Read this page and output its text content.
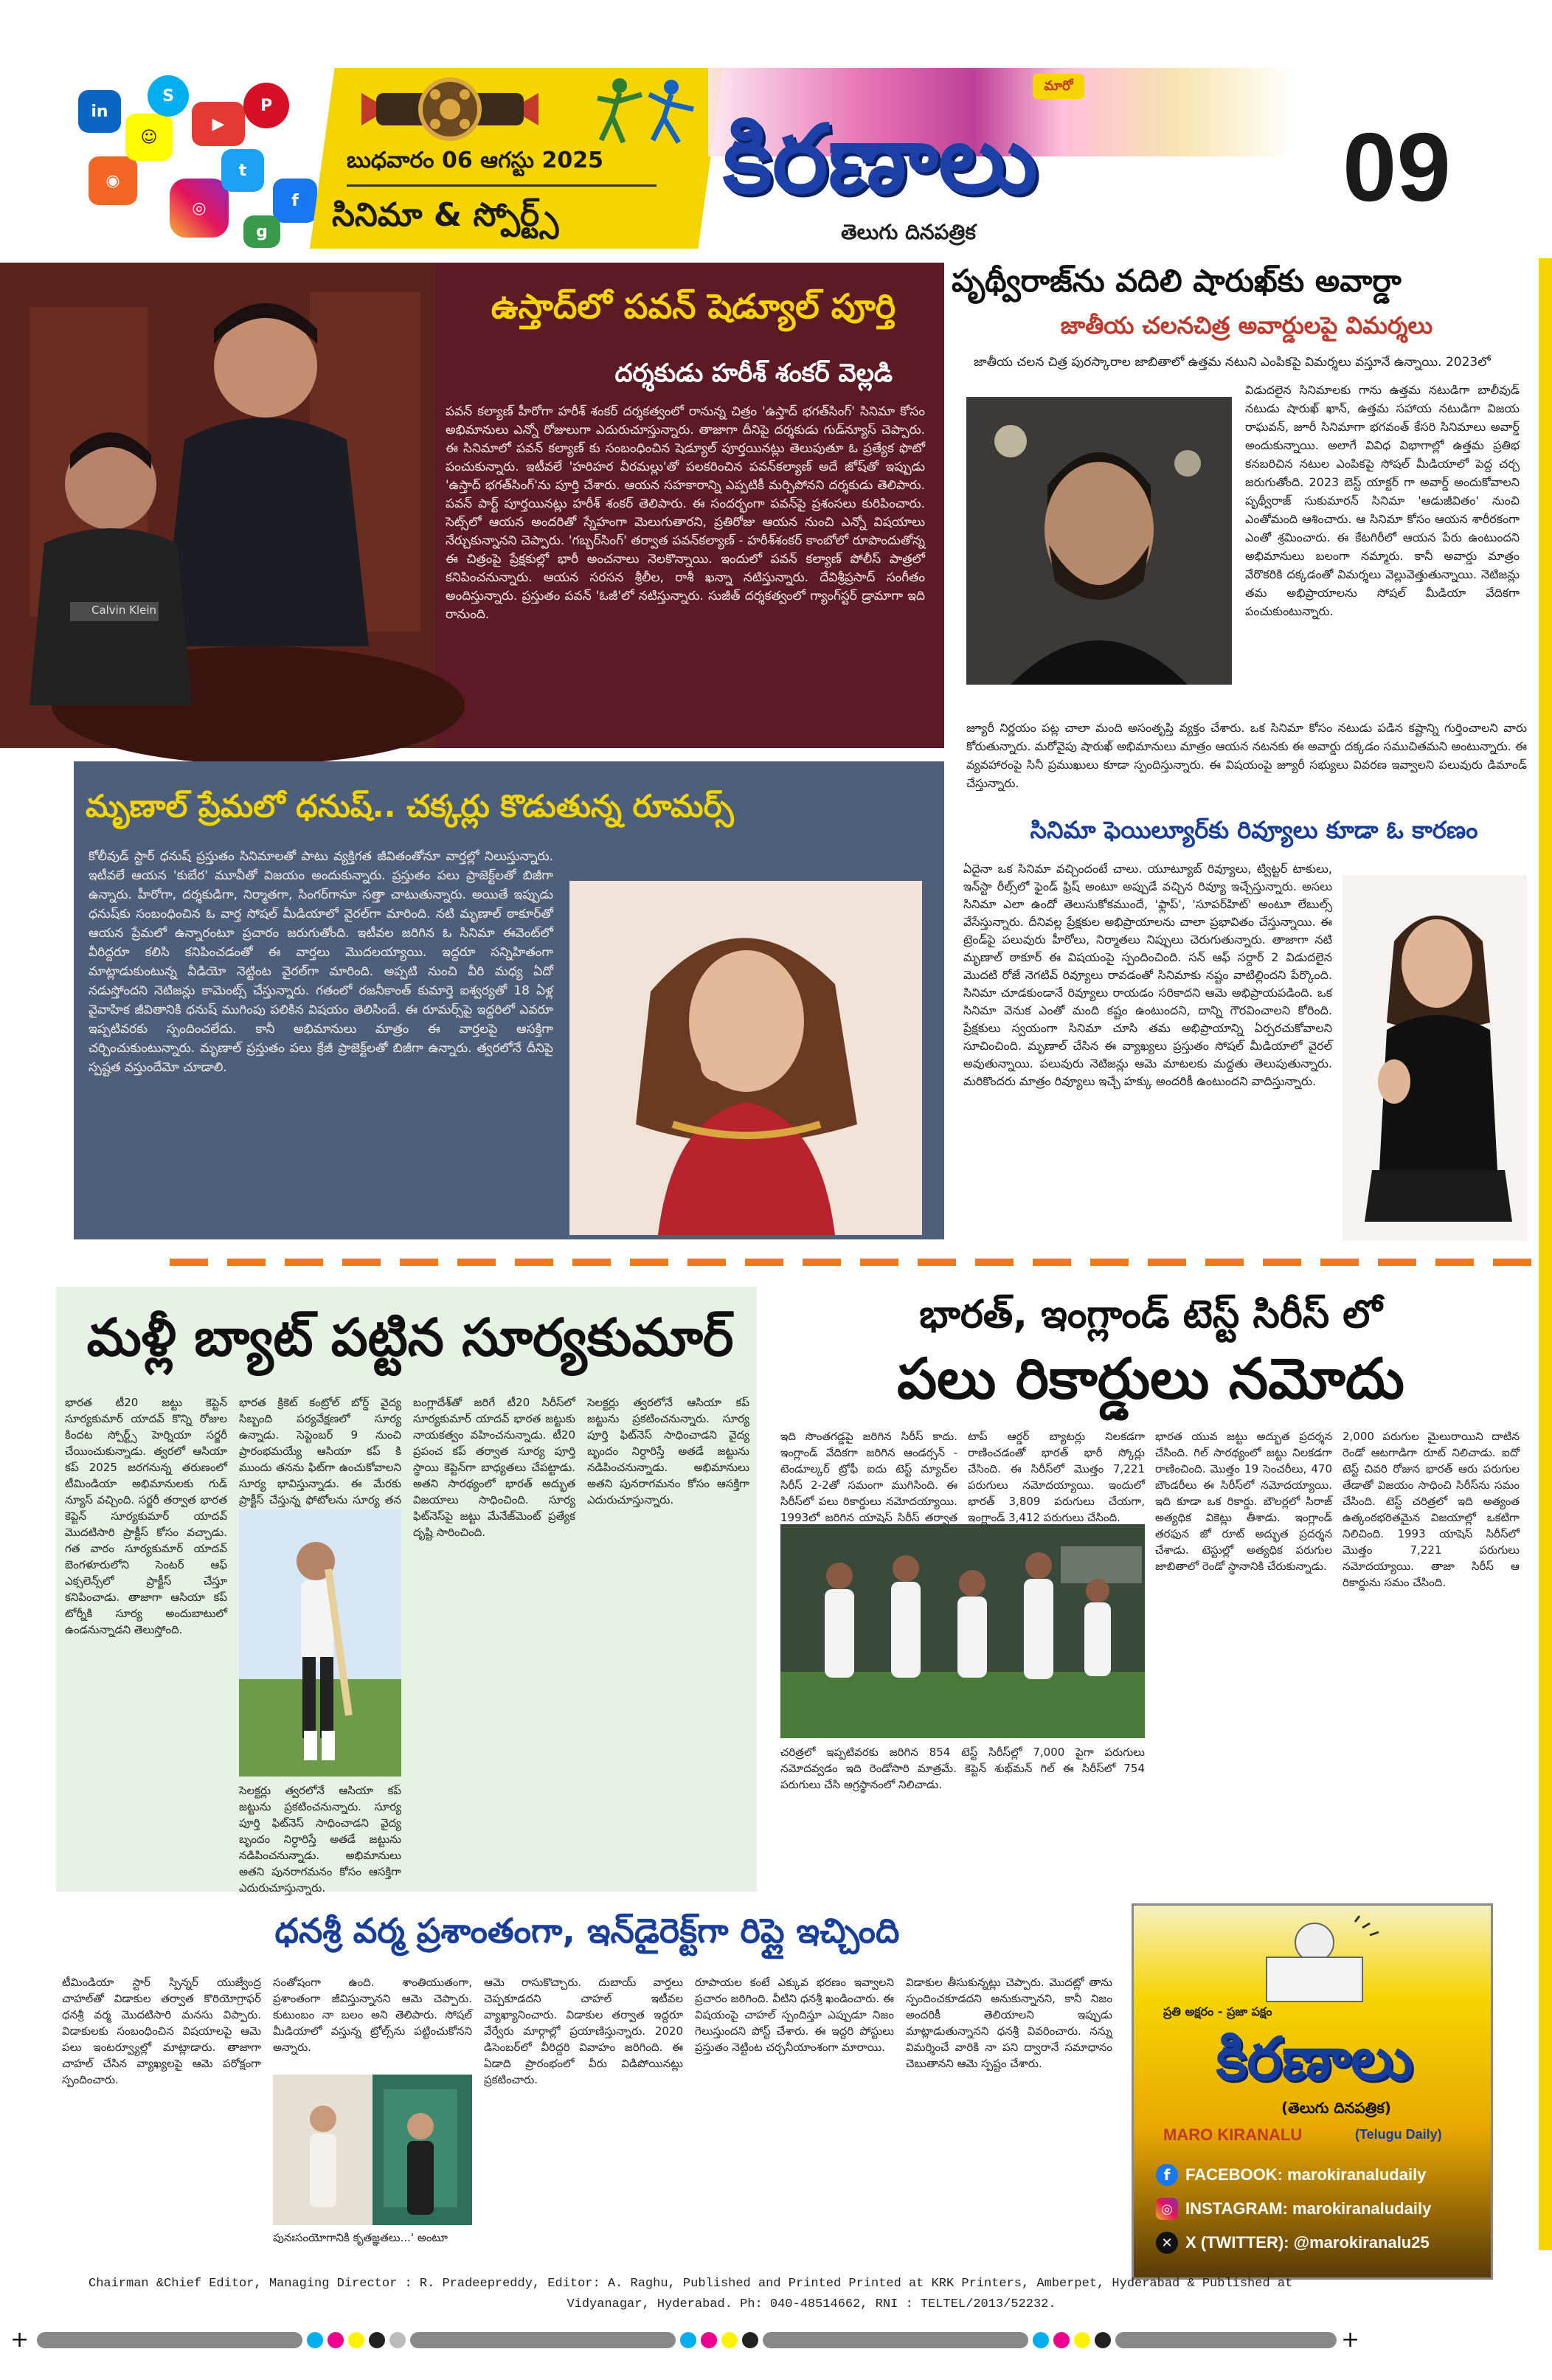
▶
P
f
◎
t
◉
☺
in
S
g
బుధవారం 06 ఆగస్టు 2025
సినిమా & స్పోర్ట్స్
మారో
కిరణాలు
తెలుగు దినపత్రిక
09
Calvin Klein
ఉస్తాద్‌లో పవన్ షెడ్యూల్ పూర్తి
దర్శకుడు హరీశ్ శంకర్ వెల్లడి
పవన్ కల్యాణ్ హీరోగా హరీశ్ శంకర్ దర్శకత్వంలో రానున్న చిత్రం 'ఉస్తాద్ భగత్‌సింగ్' సినిమా కోసం అభిమానులు ఎన్నో రోజులుగా ఎదురుచూస్తున్నారు. తాజాగా దీనిపై దర్శకుడు గుడ్‌న్యూస్ చెప్పారు. ఈ సినిమాలో పవన్ కల్యాణ్ కు సంబంధించిన షెడ్యూల్ పూర్తయినట్లు తెలుపుతూ ఓ ప్రత్యేక ఫొటో పంచుకున్నారు. ఇటీవలే 'హరిహర వీరమల్లు'తో పలకరించిన పవన్‌కల్యాణ్ అదే జోష్‌తో ఇప్పుడు 'ఉస్తాద్ భగత్‌సింగ్'ను పూర్తి చేశారు. ఆయన సహకారాన్ని ఎప్పటికీ మర్చిపోనని దర్శకుడు తెలిపారు. పవన్ పార్ట్ పూర్తయినట్లు హరీశ్ శంకర్ తెలిపారు. ఈ సందర్భంగా పవన్‌పై ప్రశంసలు కురిపించారు. సెట్స్‌లో ఆయన అందరితో స్నేహంగా మెలుగుతారని, ప్రతిరోజు ఆయన నుంచి ఎన్నో విషయాలు నేర్చుకున్నానని చెప్పారు. 'గబ్బర్‌సింగ్' తర్వాత పవన్‌కల్యాణ్ - హరీశ్‌శంకర్ కాంబోలో రూపొందుతోన్న ఈ చిత్రంపై ప్రేక్షకుల్లో భారీ అంచనాలు నెలకొన్నాయి. ఇందులో పవన్ కల్యాణ్ పోలీస్ పాత్రలో కనిపించనున్నారు. ఆయన సరసన శ్రీలీల, రాశీ ఖన్నా నటిస్తున్నారు. దేవిశ్రీప్రసాద్ సంగీతం అందిస్తున్నారు. ప్రస్తుతం పవన్ 'ఓజీ'లో నటిస్తున్నారు. సుజీత్ దర్శకత్వంలో గ్యాంగ్‌స్టర్ డ్రామాగా ఇది రానుంది.
పృథ్వీరాజ్‌ను వదిలి షారుఖ్‌కు అవార్డా
జాతీయ చలనచిత్ర అవార్డులపై విమర్శలు
జాతీయ చలన చిత్ర పురస్కారాల జాబితాలో ఉత్తమ నటుని ఎంపికపై విమర్శలు వస్తూనే ఉన్నాయి. 2023లో
విడుదలైన సినిమాలకు గాను ఉత్తమ నటుడిగా బాలీవుడ్ నటుడు షారుఖ్ ఖాన్, ఉత్తమ సహాయ నటుడిగా విజయ రాఘవన్, జూరీ సినిమాగా భగవంత్ కేసరి సినిమాలు అవార్డ్ అందుకున్నాయి. అలాగే వివిధ విభాగాల్లో ఉత్తమ ప్రతిభ కనబరిచిన నటుల ఎంపికపై సోషల్ మీడియాలో పెద్ద చర్చ జరుగుతోంది. 2023 బెస్ట్ యాక్టర్ గా అవార్డ్ అందుకోవాలని పృథ్వీరాజ్ సుకుమారన్ సినిమా 'ఆడుజీవితం' నుంచి ఎంతోమంది ఆశించారు. ఆ సినిమా కోసం ఆయన శారీరకంగా ఎంతో శ్రమించారు. ఈ కేటగిరీలో ఆయన పేరు ఉంటుందని అభిమానులు బలంగా నమ్మారు. కానీ అవార్డు మాత్రం వేరొకరికి దక్కడంతో విమర్శలు వెల్లువెత్తుతున్నాయి. నెటిజన్లు తమ అభిప్రాయాలను సోషల్ మీడియా వేదికగా పంచుకుంటున్నారు.
జ్యూరీ నిర్ణయం పట్ల చాలా మంది అసంతృప్తి వ్యక్తం చేశారు. ఒక సినిమా కోసం నటుడు పడిన కష్టాన్ని గుర్తించాలని వారు కోరుతున్నారు. మరోవైపు షారుఖ్ అభిమానులు మాత్రం ఆయన నటనకు ఈ అవార్డు దక్కడం సముచితమని అంటున్నారు. ఈ వ్యవహారంపై సినీ ప్రముఖులు కూడా స్పందిస్తున్నారు. ఈ విషయంపై జ్యూరీ సభ్యులు వివరణ ఇవ్వాలని పలువురు డిమాండ్ చేస్తున్నారు.
మృణాల్ ప్రేమలో ధనుష్.. చక్కర్లు కొడుతున్న రూమర్స్
కోలీవుడ్ స్టార్ ధనుష్ ప్రస్తుతం సినిమాలతో పాటు వ్యక్తిగత జీవితంతోనూ వార్తల్లో నిలుస్తున్నారు. ఇటీవలే ఆయన 'కుబేర' మూవీతో విజయం అందుకున్నారు. ప్రస్తుతం పలు ప్రాజెక్ట్‌లతో బిజీగా ఉన్నారు. హీరోగా, దర్శకుడిగా, నిర్మాతగా, సింగర్‌గానూ సత్తా చాటుతున్నారు. అయితే ఇప్పుడు ధనుష్‌కు సంబంధించిన ఓ వార్త సోషల్ మీడియాలో వైరల్‌గా మారింది. నటి మృణాల్ ఠాకూర్‌తో ఆయన ప్రేమలో ఉన్నారంటూ ప్రచారం జరుగుతోంది. ఇటీవల జరిగిన ఓ సినిమా ఈవెంట్‌లో వీరిద్దరూ కలిసి కనిపించడంతో ఈ వార్తలు మొదలయ్యాయి. ఇద్దరూ సన్నిహితంగా మాట్లాడుకుంటున్న వీడియో నెట్టింట వైరల్‌గా మారింది. అప్పటి నుంచి వీరి మధ్య ఏదో నడుస్తోందని నెటిజన్లు కామెంట్స్ చేస్తున్నారు. గతంలో రజనీకాంత్ కుమార్తె ఐశ్వర్యతో 18 ఏళ్ల వైవాహిక జీవితానికి ధనుష్ ముగింపు పలికిన విషయం తెలిసిందే. ఈ రూమర్స్‌పై ఇద్దరిలో ఎవరూ ఇప్పటివరకు స్పందించలేదు. కానీ అభిమానులు మాత్రం ఈ వార్తలపై ఆసక్తిగా చర్చించుకుంటున్నారు. మృణాల్ ప్రస్తుతం పలు క్రేజీ ప్రాజెక్ట్‌లతో బిజీగా ఉన్నారు. త్వరలోనే దీనిపై స్పష్టత వస్తుందేమో చూడాలి.
సినిమా ఫెయిల్యూర్‌కు రివ్యూలు కూడా ఓ కారణం
ఏదైనా ఒక సినిమా వచ్చిందంటే చాలు. యూట్యూబ్ రివ్యూలు, ట్విట్టర్ టాకులు, ఇన్‌స్టా రీల్స్‌లో ఫైండ్ ఫ్రిష్ అంటూ అప్పుడే వచ్చిన రివ్యూ ఇచ్చేస్తున్నారు. అసలు సినిమా ఎలా ఉందో తెలుసుకోకముందే, 'ఫ్లాప్', 'సూపర్‌హిట్' అంటూ లేబుల్స్ వేసేస్తున్నారు. దీనివల్ల ప్రేక్షకుల అభిప్రాయాలను చాలా ప్రభావితం చేస్తున్నాయి. ఈ ట్రెండ్‌పై పలువురు హీరోలు, నిర్మాతలు నిప్పులు చెరుగుతున్నారు. తాజాగా నటి మృణాల్ ఠాకూర్ ఈ విషయంపై స్పందించింది. సన్ ఆఫ్ సర్దార్ 2 విడుదలైన మొదటి రోజే నెగటివ్ రివ్యూలు రావడంతో సినిమాకు నష్టం వాటిల్లిందని పేర్కొంది. సినిమా చూడకుండానే రివ్యూలు రాయడం సరికాదని ఆమె అభిప్రాయపడింది. ఒక సినిమా వెనుక ఎంతో మంది కష్టం ఉంటుందని, దాన్ని గౌరవించాలని కోరింది. ప్రేక్షకులు స్వయంగా సినిమా చూసి తమ అభిప్రాయాన్ని ఏర్పరచుకోవాలని సూచించింది. మృణాల్ చేసిన ఈ వ్యాఖ్యలు ప్రస్తుతం సోషల్ మీడియాలో వైరల్ అవుతున్నాయి. పలువురు నెటిజన్లు ఆమె మాటలకు మద్దతు తెలుపుతున్నారు. మరికొందరు మాత్రం రివ్యూలు ఇచ్చే హక్కు అందరికీ ఉంటుందని వాదిస్తున్నారు.
మళ్లీ బ్యాట్ పట్టిన సూర్యకుమార్
భారత టీ20 జట్టు కెప్టెన్ సూర్యకుమార్ యాదవ్ కొన్ని రోజుల కిందట స్పోర్ట్స్ హెర్నియా సర్జరీ చేయించుకున్నాడు. త్వరలో ఆసియా కప్ 2025 జరగనున్న తరుణంలో టీమిండియా అభిమానులకు గుడ్ న్యూస్ వచ్చింది. సర్జరీ తర్వాత భారత కెప్టెన్ సూర్యకుమార్ యాదవ్ మొదటిసారి ప్రాక్టీస్ కోసం వచ్చాడు. గత వారం సూర్యకుమార్ యాదవ్ బెంగళూరులోని సెంటర్ ఆఫ్ ఎక్సలెన్స్‌లో ప్రాక్టీస్ చేస్తూ కనిపించాడు. తాజాగా ఆసియా కప్ టోర్నీకి సూర్య అందుబాటులో ఉండనున్నాడని తెలుస్తోంది.
భారత క్రికెట్ కంట్రోల్ బోర్డ్ వైద్య సిబ్బంది పర్యవేక్షణలో సూర్య ఉన్నాడు. సెప్టెంబర్ 9 నుంచి ప్రారంభమయ్యే ఆసియా కప్ కి ముందు తనను ఫిట్‌గా ఉంచుకోవాలని సూర్య భావిస్తున్నాడు. ఈ మేరకు ప్రాక్టీస్ చేస్తున్న ఫోటోలను సూర్య తన
సెలక్టర్లు త్వరలోనే ఆసియా కప్ జట్టును ప్రకటించనున్నారు. సూర్య పూర్తి ఫిట్‌నెస్ సాధించాడని వైద్య బృందం నిర్ధారిస్తే అతడే జట్టును నడిపించనున్నాడు. అభిమానులు అతని పునరాగమనం కోసం ఆసక్తిగా ఎదురుచూస్తున్నారు.
బంగ్లాదేశ్‌తో జరిగే టీ20 సిరీస్‌లో సూర్యకుమార్ యాదవ్ భారత జట్టుకు నాయకత్వం వహించనున్నాడు. టీ20 ప్రపంచ కప్ తర్వాత సూర్య పూర్తి స్థాయి కెప్టెన్‌గా బాధ్యతలు చేపట్టాడు. అతని సారథ్యంలో భారత్ అద్భుత విజయాలు సాధించింది. సూర్య ఫిట్‌నెస్‌పై జట్టు మేనేజ్‌మెంట్ ప్రత్యేక దృష్టి సారించింది.
సెలక్టర్లు త్వరలోనే ఆసియా కప్ జట్టును ప్రకటించనున్నారు. సూర్య పూర్తి ఫిట్‌నెస్ సాధించాడని వైద్య బృందం నిర్ధారిస్తే అతడే జట్టును నడిపించనున్నాడు. అభిమానులు అతని పునరాగమనం కోసం ఆసక్తిగా ఎదురుచూస్తున్నారు.
భారత్, ఇంగ్లాండ్ టెస్ట్ సిరీస్ లో
పలు రికార్డులు నమోదు
ఇది సొంతగడ్డపై జరిగిన సిరీస్ కాదు. ఇంగ్లాండ్ వేదికగా జరిగిన ఆండర్సన్ - టెండూల్కర్ ట్రోఫీ ఐదు టెస్ట్ మ్యాచ్‌ల సిరీస్ 2-2తో సమంగా ముగిసింది. ఈ సిరీస్‌లో పలు రికార్డులు నమోదయ్యాయి. 1993లో జరిగిన యాషెస్ సిరీస్ తర్వాత
టాప్ ఆర్డర్ బ్యాటర్లు నిలకడగా రాణించడంతో భారత్ భారీ స్కోర్లు చేసింది. ఈ సిరీస్‌లో మొత్తం 7,221 పరుగులు నమోదయ్యాయి. ఇందులో భారత్ 3,809 పరుగులు చేయగా, ఇంగ్లాండ్ 3,412 పరుగులు చేసింది.
చరిత్రలో ఇప్పటివరకు జరిగిన 854 టెస్ట్ సిరీస్‌ల్లో 7,000 పైగా పరుగులు నమోదవ్వడం ఇది రెండోసారి మాత్రమే. కెప్టెన్ శుభ్‌మన్ గిల్ ఈ సిరీస్‌లో 754 పరుగులు చేసి అగ్రస్థానంలో నిలిచాడు.
భారత యువ జట్టు అద్భుత ప్రదర్శన చేసింది. గిల్ సారథ్యంలో జట్టు నిలకడగా రాణించింది. మొత్తం 19 సెంచరీలు, 470 బౌండరీలు ఈ సిరీస్‌లో నమోదయ్యాయి. ఇది కూడా ఒక రికార్డు. బౌలర్లలో సిరాజ్ అత్యధిక వికెట్లు తీశాడు. ఇంగ్లాండ్ తరఫున జో రూట్ అద్భుత ప్రదర్శన చేశాడు. టెస్టుల్లో అత్యధిక పరుగుల జాబితాలో రెండో స్థానానికి చేరుకున్నాడు.
2,000 పరుగుల మైలురాయిని దాటిన రెండో ఆటగాడిగా రూట్ నిలిచాడు. ఐదో టెస్ట్ చివరి రోజున భారత్ ఆరు పరుగుల తేడాతో విజయం సాధించి సిరీస్‌ను సమం చేసింది. టెస్ట్ చరిత్రలో ఇది అత్యంత ఉత్కంఠభరితమైన విజయాల్లో ఒకటిగా నిలిచింది. 1993 యాషెస్ సిరీస్‌లో మొత్తం 7,221 పరుగులు నమోదయ్యాయి. తాజా సిరీస్ ఆ రికార్డును సమం చేసింది.
ధనశ్రీ వర్మ ప్రశాంతంగా, ఇన్‌డైరెక్ట్‌గా రిప్లై ఇచ్చింది
టీమిండియా స్టార్ స్పిన్నర్ యుజ్వేంద్ర చాహల్‌తో విడాకుల తర్వాత కొరియోగ్రాఫర్ ధనశ్రీ వర్మ మొదటిసారి మనసు విప్పారు. విడాకులకు సంబంధించిన విషయాలపై ఆమె పలు ఇంటర్వ్యూల్లో మాట్లాడారు. తాజాగా చాహల్ చేసిన వ్యాఖ్యలపై ఆమె పరోక్షంగా స్పందించారు.
సంతోషంగా ఉంది. శాంతియుతంగా, ప్రశాంతంగా జీవిస్తున్నానని ఆమె చెప్పారు. కుటుంబం నా బలం అని తెలిపారు. సోషల్ మీడియాలో వస్తున్న ట్రోల్స్‌ను పట్టించుకోనని అన్నారు.
పునఃసంయోగానికి కృతజ్ఞతలు...' అంటూ
ఆమె రాసుకొచ్చారు. దుబాయ్ వార్తలు చెప్పకూడదని చాహల్ ఇటీవల వ్యాఖ్యానించారు. విడాకుల తర్వాత ఇద్దరూ వేర్వేరు మార్గాల్లో ప్రయాణిస్తున్నారు. 2020 డిసెంబర్‌లో వీరిద్దరి వివాహం జరిగింది. ఈ ఏడాది ప్రారంభంలో వీరు విడిపోయినట్లు ప్రకటించారు.
రూపాయల కంటే ఎక్కువ భరణం ఇవ్వాలని ప్రచారం జరిగింది. వీటిని ధనశ్రీ ఖండించారు. ఈ విషయంపై చాహల్ స్పందిస్తూ ఎప్పుడూ నిజం గెలుస్తుందని పోస్ట్ చేశారు. ఈ ఇద్దరి పోస్టులు ప్రస్తుతం నెట్టింట చర్చనీయాంశంగా మారాయి.
విడాకుల తీసుకున్నట్లు చెప్పారు. మొదట్లో తాను స్పందించకూడదని అనుకున్నానని, కానీ నిజం అందరికీ తెలియాలని ఇప్పుడు మాట్లాడుతున్నానని ధనశ్రీ వివరించారు. నన్ను విమర్శించే వారికి నా పని ద్వారానే సమాధానం చెబుతానని ఆమె స్పష్టం చేశారు.
ప్రతి అక్షరం - ప్రజా పక్షం
కిరణాలు
(తెలుగు దినపత్రిక)
MARO KIRANALU	(Telugu Daily)
f FACEBOOK: marokiranaludaily
◎ INSTAGRAM: marokiranaludaily
✕ X (TWITTER): @marokiranalu25
Chairman &Chief Editor, Managing Director : R. Pradeepreddy, Editor: A. Raghu, Published and Printed Printed at KRK Printers, Amberpet, Hyderabad & Published at
Vidyanagar, Hyderabad. Ph: 040-48514662, RNI : TELTEL/2013/52232.
+	+
